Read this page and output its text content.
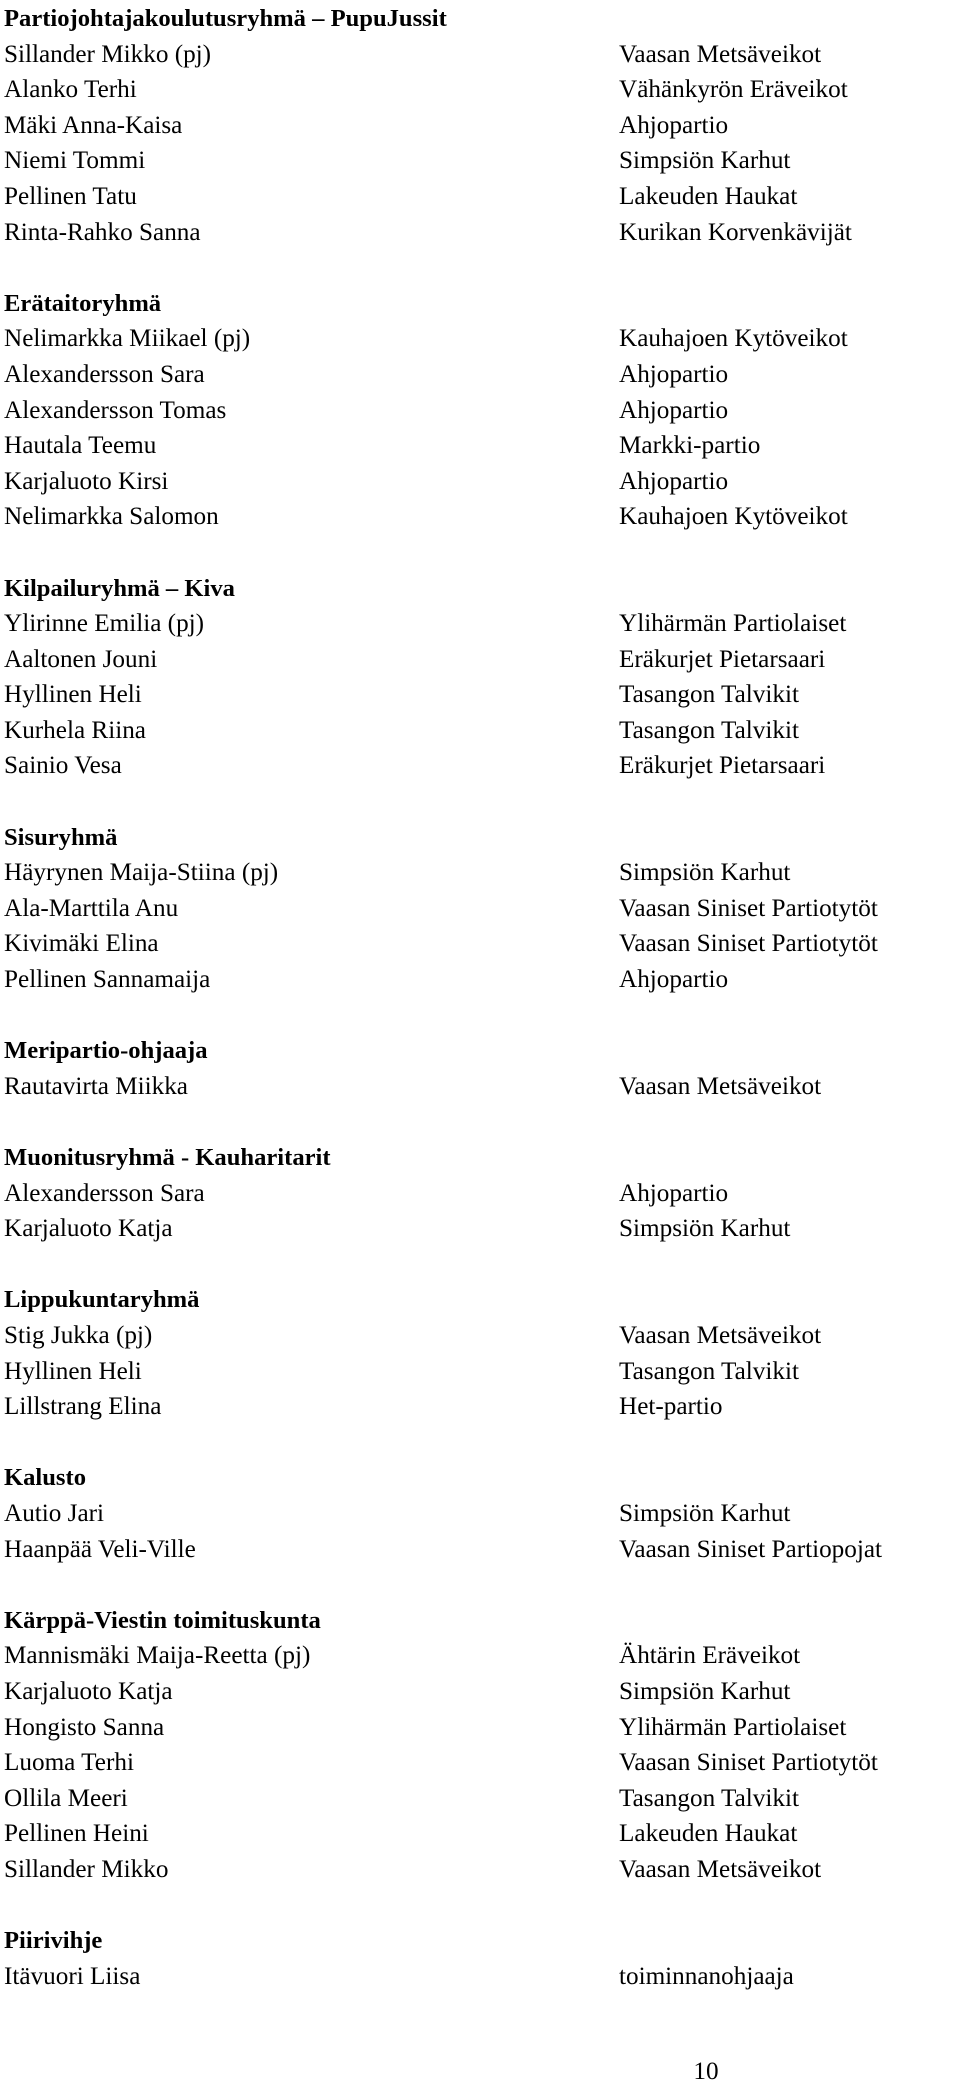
Partiojohtajakoulutusryhmä – PupuJussit
Sillander Mikko (pj)	Vaasan Metsäveikot
Alanko Terhi	Vähänkyrön Eräveikot
Mäki Anna-Kaisa	Ahjopartio
Niemi Tommi	Simpsiön Karhut
Pellinen Tatu	Lakeuden Haukat
Rinta-Rahko Sanna	Kurikan Korvenkävijät
Erätaitoryhmä
Nelimarkka Miikael (pj)	Kauhajoen Kytöveikot
Alexandersson Sara	Ahjopartio
Alexandersson Tomas	Ahjopartio
Hautala Teemu	Markki-partio
Karjaluoto Kirsi	Ahjopartio
Nelimarkka Salomon	Kauhajoen Kytöveikot
Kilpailuryhmä – Kiva
Ylirinne Emilia (pj)	Ylihärmän Partiolaiset
Aaltonen Jouni	Eräkurjet Pietarsaari
Hyllinen Heli	Tasangon Talvikit
Kurhela Riina	Tasangon Talvikit
Sainio Vesa	Eräkurjet Pietarsaari
Sisuryhmä
Häyrynen Maija-Stiina (pj)	Simpsiön Karhut
Ala-Marttila Anu	Vaasan Siniset Partiotytöt
Kivimäki Elina	Vaasan Siniset Partiotytöt
Pellinen Sannamaija	Ahjopartio
Meripartio-ohjaaja
Rautavirta Miikka	Vaasan Metsäveikot
Muonitusryhmä - Kauharitarit
Alexandersson Sara	Ahjopartio
Karjaluoto Katja	Simpsiön Karhut
Lippukuntaryhmä
Stig Jukka (pj)	Vaasan Metsäveikot
Hyllinen Heli	Tasangon Talvikit
Lillstrang Elina	Het-partio
Kalusto
Autio Jari	Simpsiön Karhut
Haanpää Veli-Ville	Vaasan Siniset Partiopojat
Kärppä-Viestin toimituskunta
Mannismäki Maija-Reetta (pj)	Ähtärin Eräveikot
Karjaluoto Katja	Simpsiön Karhut
Hongisto Sanna	Ylihärmän Partiolaiset
Luoma Terhi	Vaasan Siniset Partiotytöt
Ollila Meeri	Tasangon Talvikit
Pellinen Heini	Lakeuden Haukat
Sillander Mikko	Vaasan Metsäveikot
Piirivihje
Itävuori Liisa	toiminnanohjaaja
10
